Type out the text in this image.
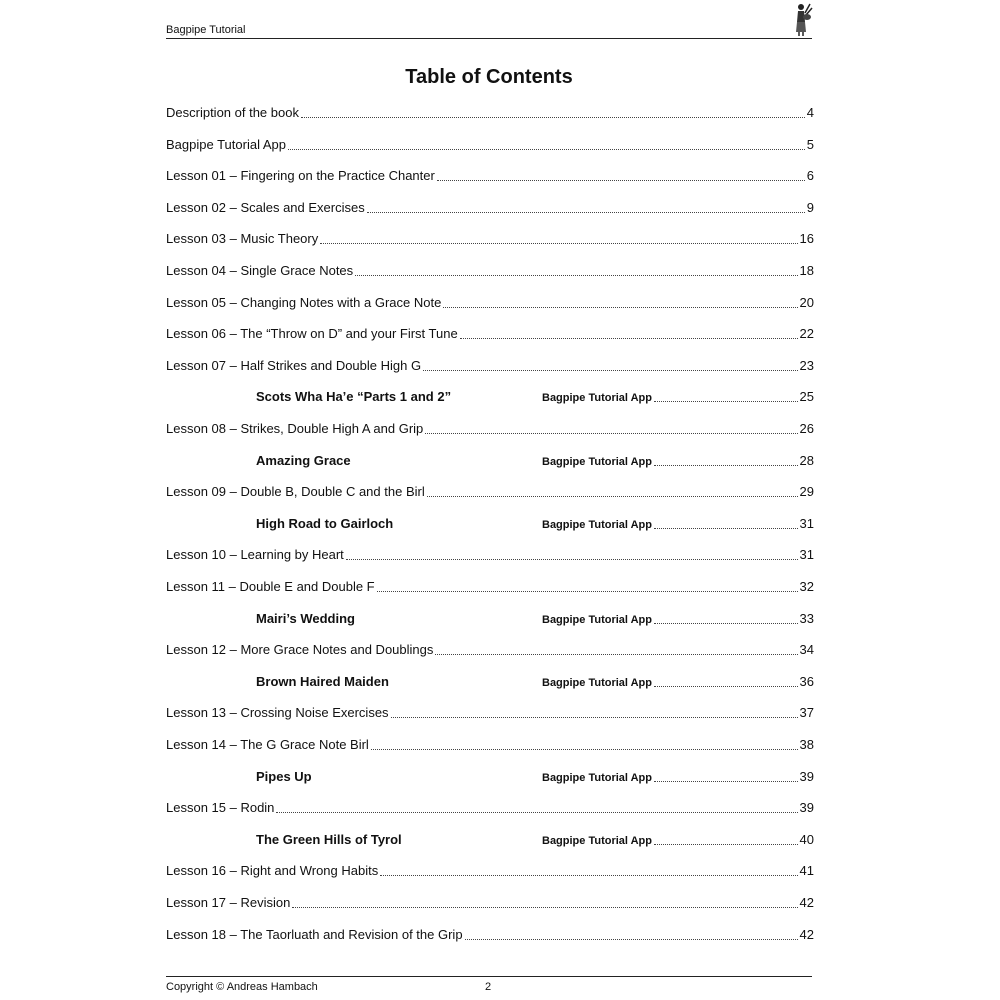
Bagpipe Tutorial
Table of Contents
Description of the book	4
Bagpipe Tutorial App	5
Lesson 01 – Fingering on the Practice Chanter	6
Lesson 02 – Scales and Exercises	9
Lesson 03 – Music Theory	16
Lesson 04 – Single Grace Notes	18
Lesson 05 – Changing Notes with a Grace Note	20
Lesson 06 – The “Throw on D” and your First Tune	22
Lesson 07 – Half Strikes and Double High G	23
Scots Wha Ha’e “Parts 1 and 2”	Bagpipe Tutorial App	25
Lesson 08 – Strikes, Double High A and Grip	26
Amazing Grace	Bagpipe Tutorial App	28
Lesson 09 – Double B, Double C and the Birl	29
High Road to Gairloch	Bagpipe Tutorial App	31
Lesson 10 – Learning by Heart	31
Lesson 11 – Double E and Double F	32
Mairi’s Wedding	Bagpipe Tutorial App	33
Lesson 12 – More Grace Notes and Doublings	34
Brown Haired Maiden	Bagpipe Tutorial App	36
Lesson 13 – Crossing Noise Exercises	37
Lesson 14 – The G Grace Note Birl	38
Pipes Up	Bagpipe Tutorial App	39
Lesson 15 – Rodin	39
The Green Hills of Tyrol	Bagpipe Tutorial App	40
Lesson 16 – Right and Wrong Habits	41
Lesson 17 – Revision	42
Lesson 18 – The Taorluath and Revision of the Grip	42
Copyright © Andreas Hambach	2
